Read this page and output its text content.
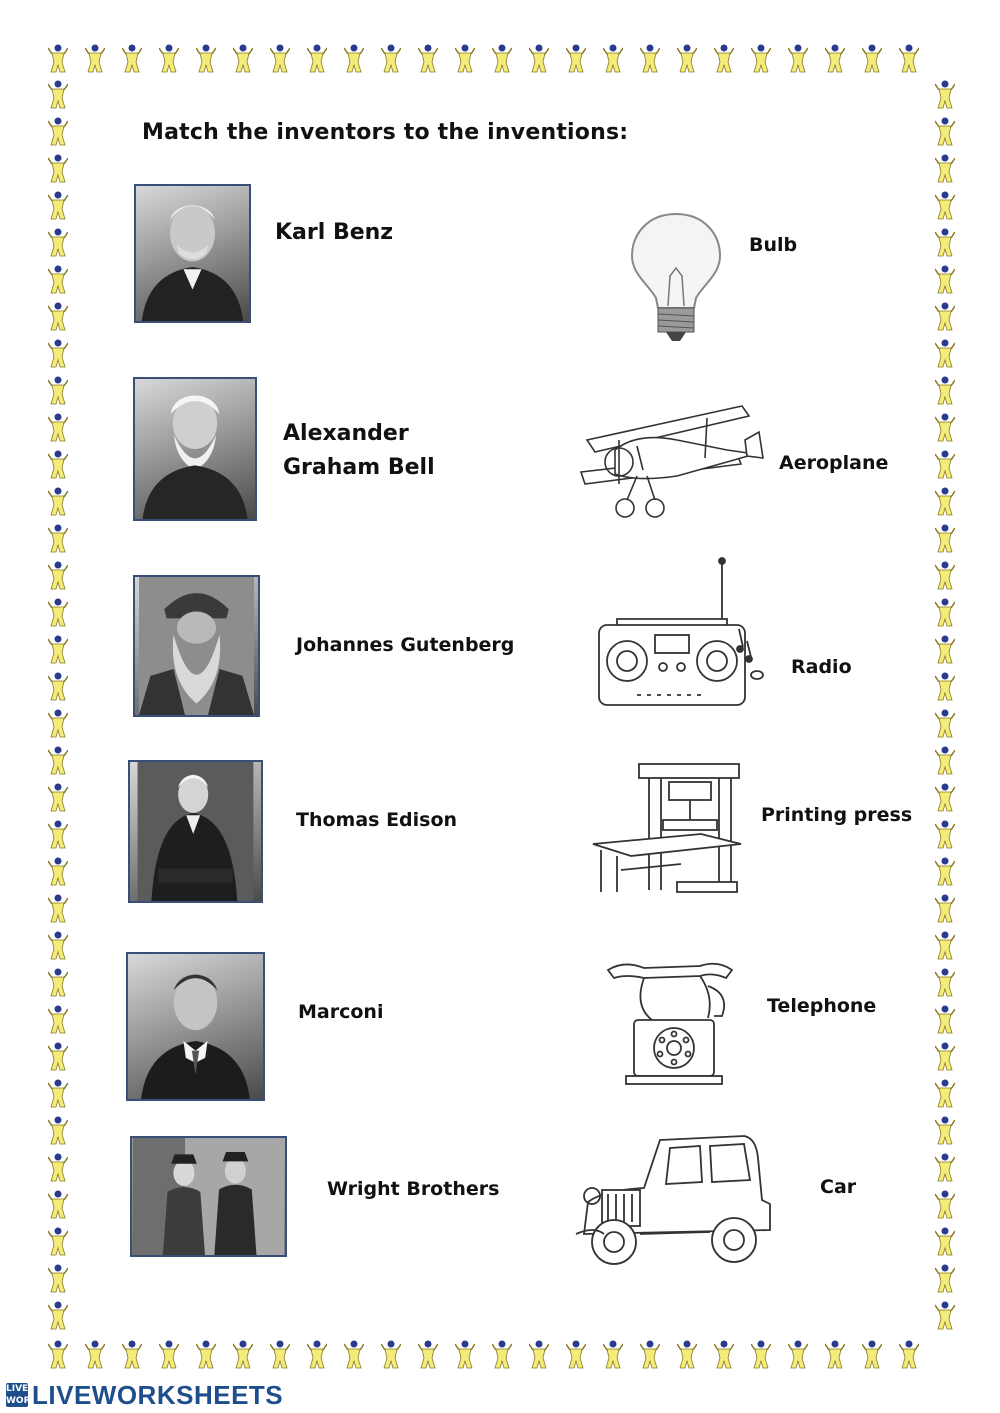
Match the inventors to the inventions:
Karl Benz
Alexander Graham Bell
Johannes Gutenberg
Thomas Edison
Marconi
Wright Brothers
Bulb
Aeroplane
Radio
Printing press
Telephone
Car
LIVE WORK
LIVEWORKSHEETS
